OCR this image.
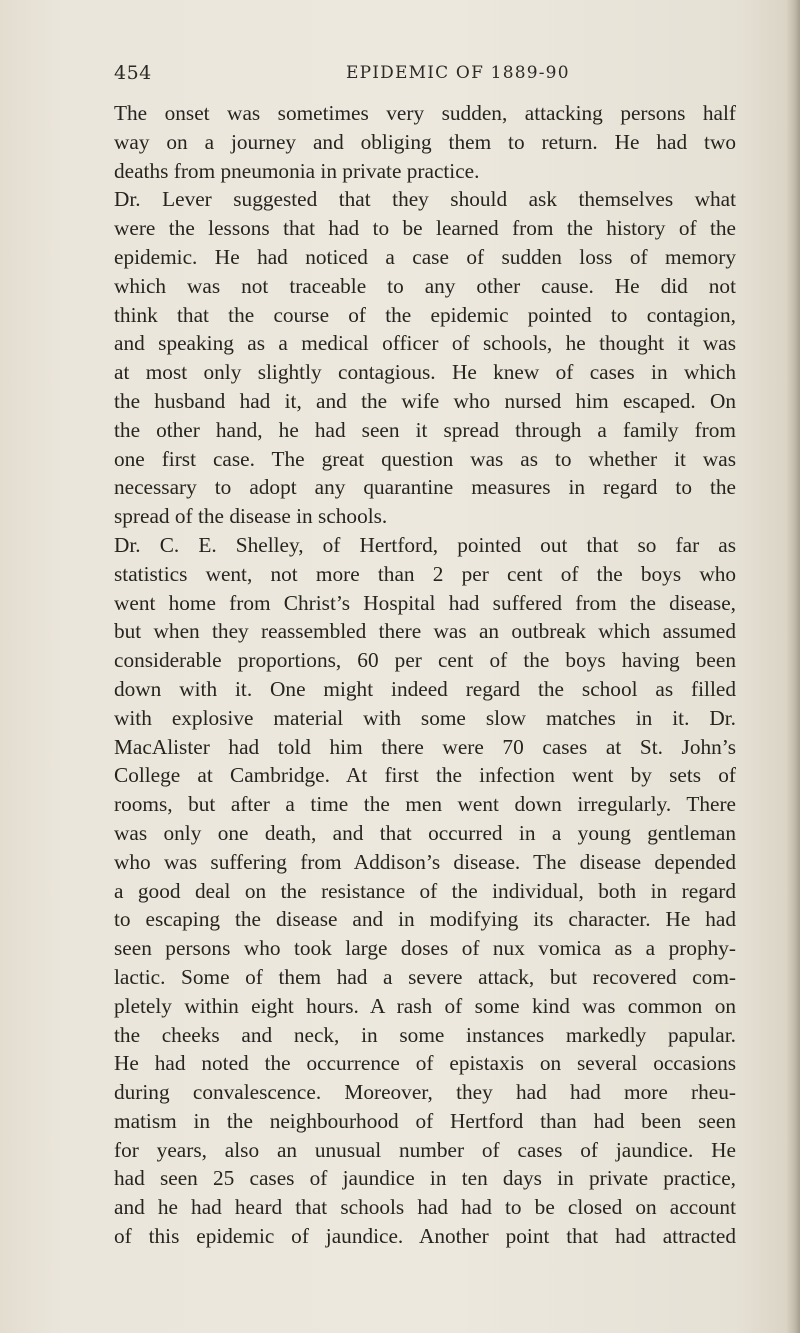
454	EPIDEMIC OF 1889-90
The onset was sometimes very sudden, attacking persons half
way on a journey and obliging them to return. He had two
deaths from pneumonia in private practice.
Dr. Lever suggested that they should ask themselves what
were the lessons that had to be learned from the history of the
epidemic. He had noticed a case of sudden loss of memory
which was not traceable to any other cause. He did not
think that the course of the epidemic pointed to contagion,
and speaking as a medical officer of schools, he thought it was
at most only slightly contagious. He knew of cases in which
the husband had it, and the wife who nursed him escaped. On
the other hand, he had seen it spread through a family from
one first case. The great question was as to whether it was
necessary to adopt any quarantine measures in regard to the
spread of the disease in schools.
Dr. C. E. Shelley, of Hertford, pointed out that so far as
statistics went, not more than 2 per cent of the boys who
went home from Christ’s Hospital had suffered from the disease,
but when they reassembled there was an outbreak which assumed
considerable proportions, 60 per cent of the boys having been
down with it. One might indeed regard the school as filled
with explosive material with some slow matches in it. Dr.
MacAlister had told him there were 70 cases at St. John’s
College at Cambridge. At first the infection went by sets of
rooms, but after a time the men went down irregularly. There
was only one death, and that occurred in a young gentleman
who was suffering from Addison’s disease. The disease depended
a good deal on the resistance of the individual, both in regard
to escaping the disease and in modifying its character. He had
seen persons who took large doses of nux vomica as a prophy-
lactic. Some of them had a severe attack, but recovered com-
pletely within eight hours. A rash of some kind was common on
the cheeks and neck, in some instances markedly papular.
He had noted the occurrence of epistaxis on several occasions
during convalescence. Moreover, they had had more rheu-
matism in the neighbourhood of Hertford than had been seen
for years, also an unusual number of cases of jaundice. He
had seen 25 cases of jaundice in ten days in private practice,
and he had heard that schools had had to be closed on account
of this epidemic of jaundice. Another point that had attracted
